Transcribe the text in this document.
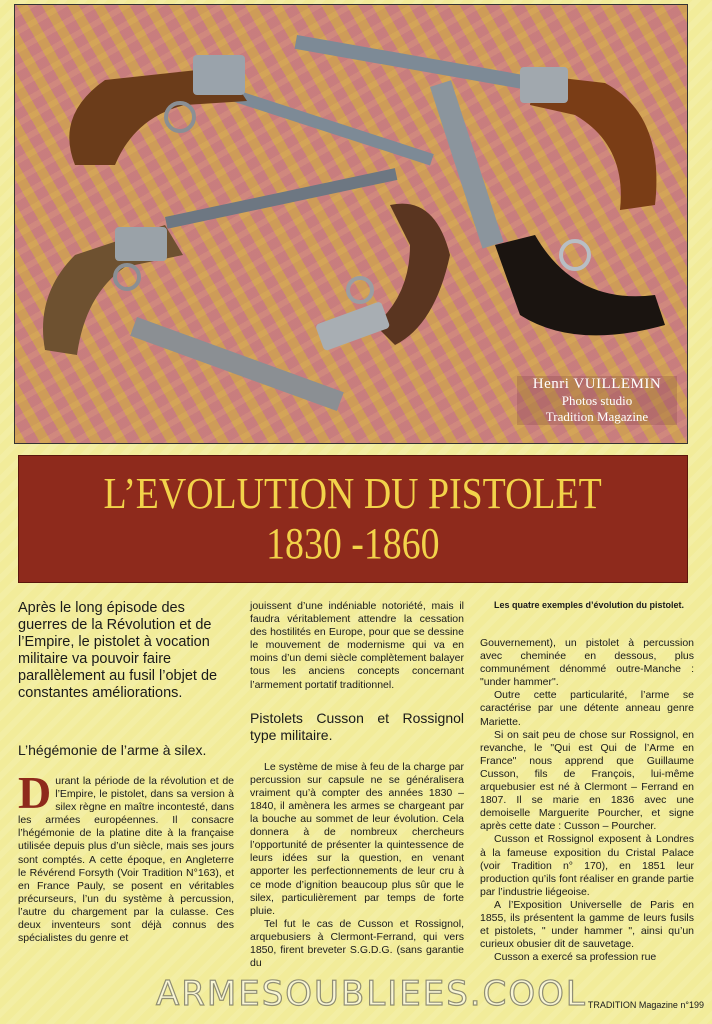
Henri VUILLEMIN
Photos studio
Tradition Magazine
L’EVOLUTION DU PISTOLET
1830 -1860
Les quatre exemples d’évolution du pistolet.

Après le long épisode des guerres de la Révolution et de l’Empire, le pistolet à vocation militaire va pouvoir faire parallèlement au fusil l’objet de constantes améliorations.

L’hégémonie de l’arme à silex.
D urant la période de la révolution et de l’Empire, le pistolet, dans sa version à silex règne en maître incontesté, dans les armées européennes. Il consacre l’hégémonie de la platine dite à la française utilisée depuis plus d’un siècle, mais ses jours sont comptés. A cette époque, en Angleterre le Révérend Forsyth (Voir Tradition N°163), et en France Pauly, se posent en véritables précurseurs, l’un du système à percussion, l’autre du chargement par la culasse. Ces deux inventeurs sont déjà connus des spécialistes du genre et

jouissent d’une indéniable notoriété, mais il faudra véritablement attendre la cessation des hostilités en Europe, pour que se dessine le mouvement de modernisme qui va en moins d’un demi siècle complètement balayer tous les anciens concepts concernant l’armement portatif traditionnel.

Pistolets Cusson et Rossignol type militaire.

Le système de mise à feu de la charge par percussion sur capsule ne se généralisera vraiment qu’à compter des années 1830 – 1840, il amènera les armes se chargeant par la bouche au sommet de leur évolution. Cela donnera à de nombreux chercheurs l’opportunité de présenter la quintessence de leurs idées sur la question, en venant apporter les perfectionnements de leur cru à ce mode d’ignition beaucoup plus sûr que le silex, particulièrement par temps de forte pluie.

Tel fut le cas de Cusson et Rossignol, arquebusiers à Clermont-Ferrand, qui vers 1850, firent breveter S.G.D.G. (sans garantie du

Gouvernement), un pistolet à percussion avec cheminée en dessous, plus communément dénommé outre-Manche : "under hammer".

Outre cette particularité, l’arme se caractérise par une détente anneau genre Mariette.

Si on sait peu de chose sur Rossignol, en revanche, le "Qui est Qui de l’Arme en France" nous apprend que Guillaume Cusson, fils de François, lui-même arquebusier est né à Clermont – Ferrand en 1807. Il se marie en 1836 avec une demoiselle Marguerite Pourcher, et signe après cette date : Cusson – Pourcher.

Cusson et Rossignol exposent à Londres à la fameuse exposition du Cristal Palace (voir Tradition n° 170), en 1851 leur production qu’ils font réaliser en grande partie par l’industrie liégeoise.

A l’Exposition Universelle de Paris en 1855, ils présentent la gamme de leurs fusils et pistolets, " under hammer ", ainsi qu’un curieux obusier dit de sauvetage.

Cusson a exercé sa profession rue

ARMESOUBLIEES.COOL TRADITION Magazine n°199
